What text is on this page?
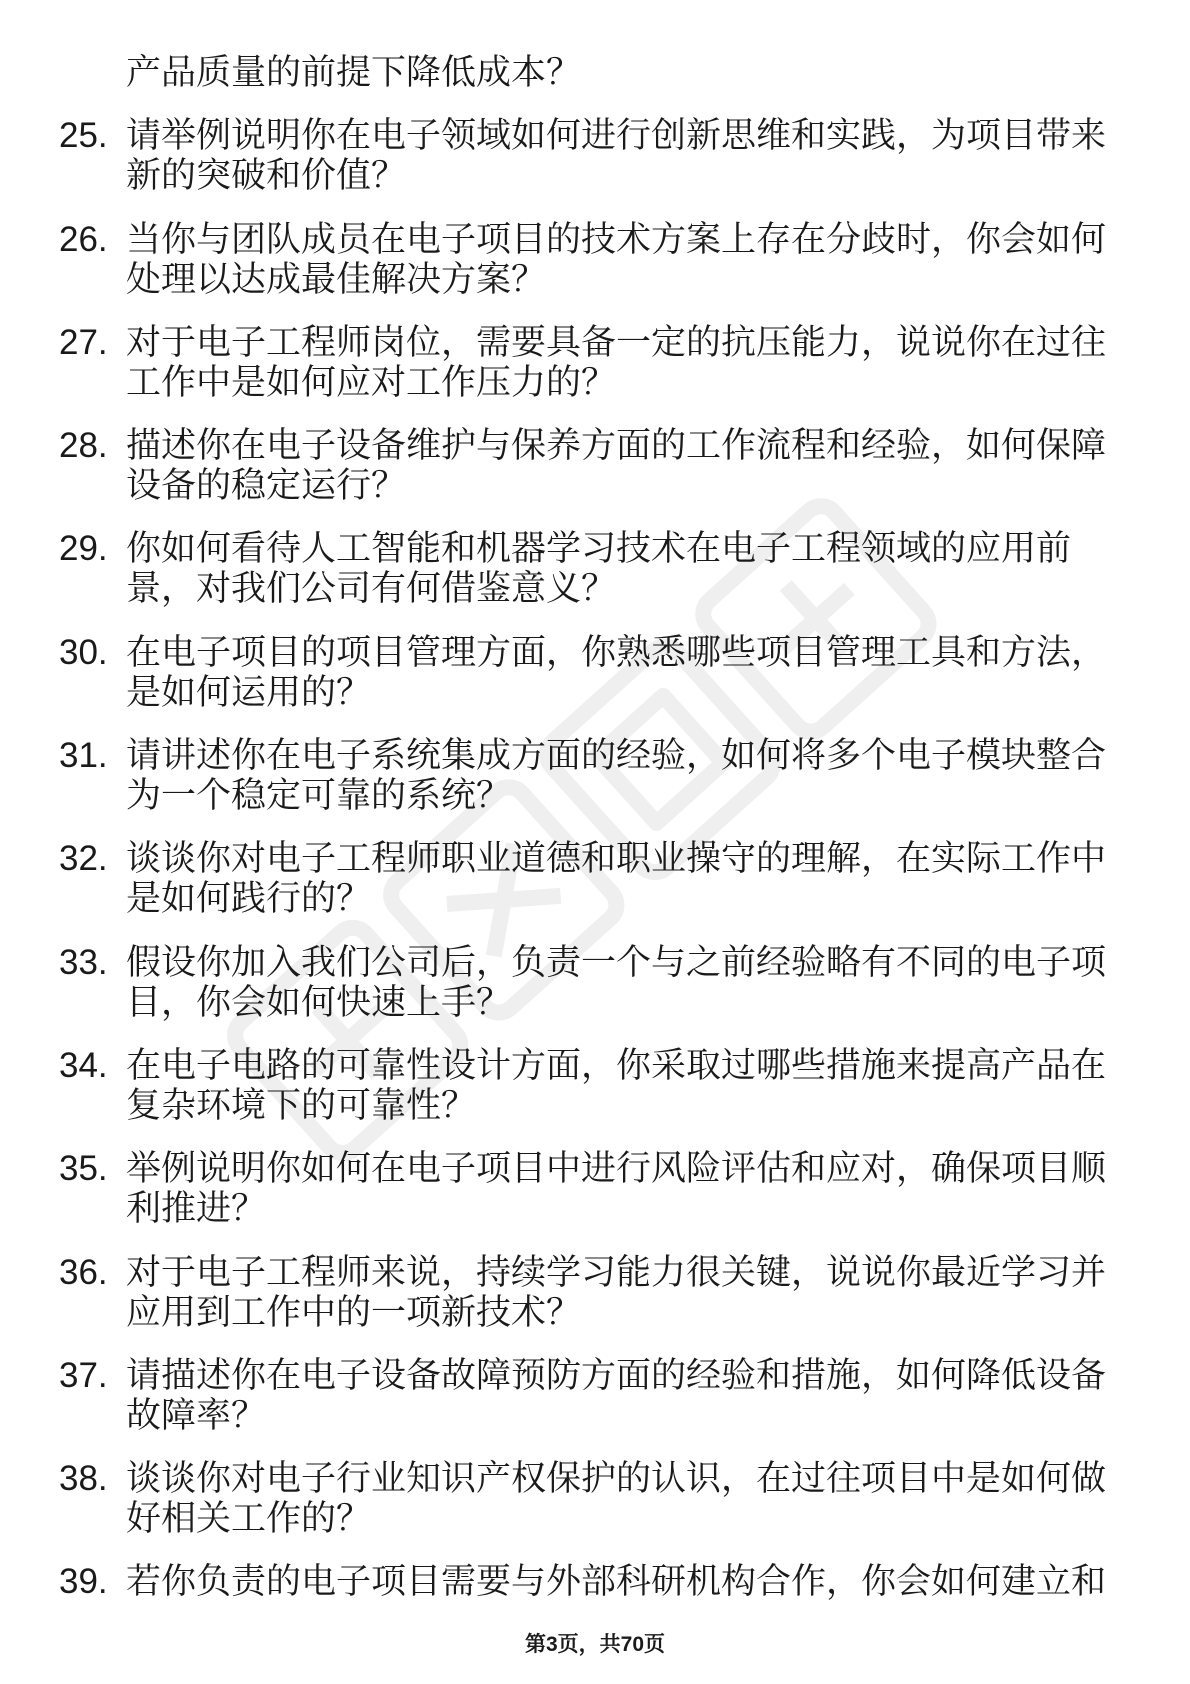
产品质量的前提下降低成本？
25. 请举例说明你在电子领域如何进行创新思维和实践，为项目带来
新的突破和价值？
26. 当你与团队成员在电子项目的技术方案上存在分歧时，你会如何
处理以达成最佳解决方案？
27. 对于电子工程师岗位，需要具备一定的抗压能力，说说你在过往
工作中是如何应对工作压力的？
28. 描述你在电子设备维护与保养方面的工作流程和经验，如何保障
设备的稳定运行？
29. 你如何看待人工智能和机器学习技术在电子工程领域的应用前
景，对我们公司有何借鉴意义？
30. 在电子项目的项目管理方面，你熟悉哪些项目管理工具和方法，
是如何运用的？
31. 请讲述你在电子系统集成方面的经验，如何将多个电子模块整合
为一个稳定可靠的系统？
32. 谈谈你对电子工程师职业道德和职业操守的理解，在实际工作中
是如何践行的？
33. 假设你加入我们公司后，负责一个与之前经验略有不同的电子项
目，你会如何快速上手？
34. 在电子电路的可靠性设计方面，你采取过哪些措施来提高产品在
复杂环境下的可靠性？
35. 举例说明你如何在电子项目中进行风险评估和应对，确保项目顺
利推进？
36. 对于电子工程师来说，持续学习能力很关键，说说你最近学习并
应用到工作中的一项新技术？
37. 请描述你在电子设备故障预防方面的经验和措施，如何降低设备
故障率？
38. 谈谈你对电子行业知识产权保护的认识，在过往项目中是如何做
好相关工作的？
39. 若你负责的电子项目需要与外部科研机构合作，你会如何建立和
第3页，共70页
